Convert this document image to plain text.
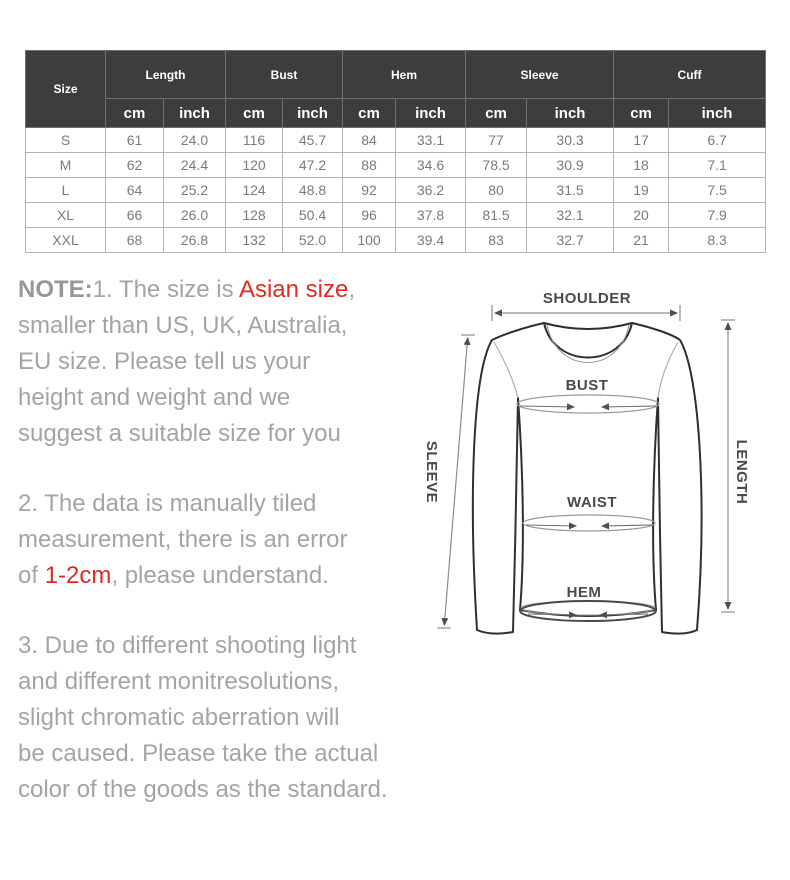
Size	Length		Bust		Hem		Sleeve		Cuff	
	cm	inch	cm	inch	cm	inch	cm	inch	cm	inch
S	61	24.0	116	45.7	84	33.1	77	30.3	17	6.7
M	62	24.4	120	47.2	88	34.6	78.5	30.9	18	7.1
L	64	25.2	124	48.8	92	36.2	80	31.5	19	7.5
XL	66	26.0	128	50.4	96	37.8	81.5	32.1	20	7.9
XXL	68	26.8	132	52.0	100	39.4	83	32.7	21	8.3
NOTE:1. The size is Asian size,
smaller than US, UK, Australia,
EU size. Please tell us your
height and weight and we
suggest a suitable size for you
2. The data is manually tiled
measurement, there is an error
of 1-2cm, please understand.
3. Due to different shooting light
and different monitresolutions,
slight chromatic aberration will
be caused. Please take the actual
color of the goods as the standard.
SHOULDER
BUST
WAIST
HEM
SLEEVE	LENGTH
